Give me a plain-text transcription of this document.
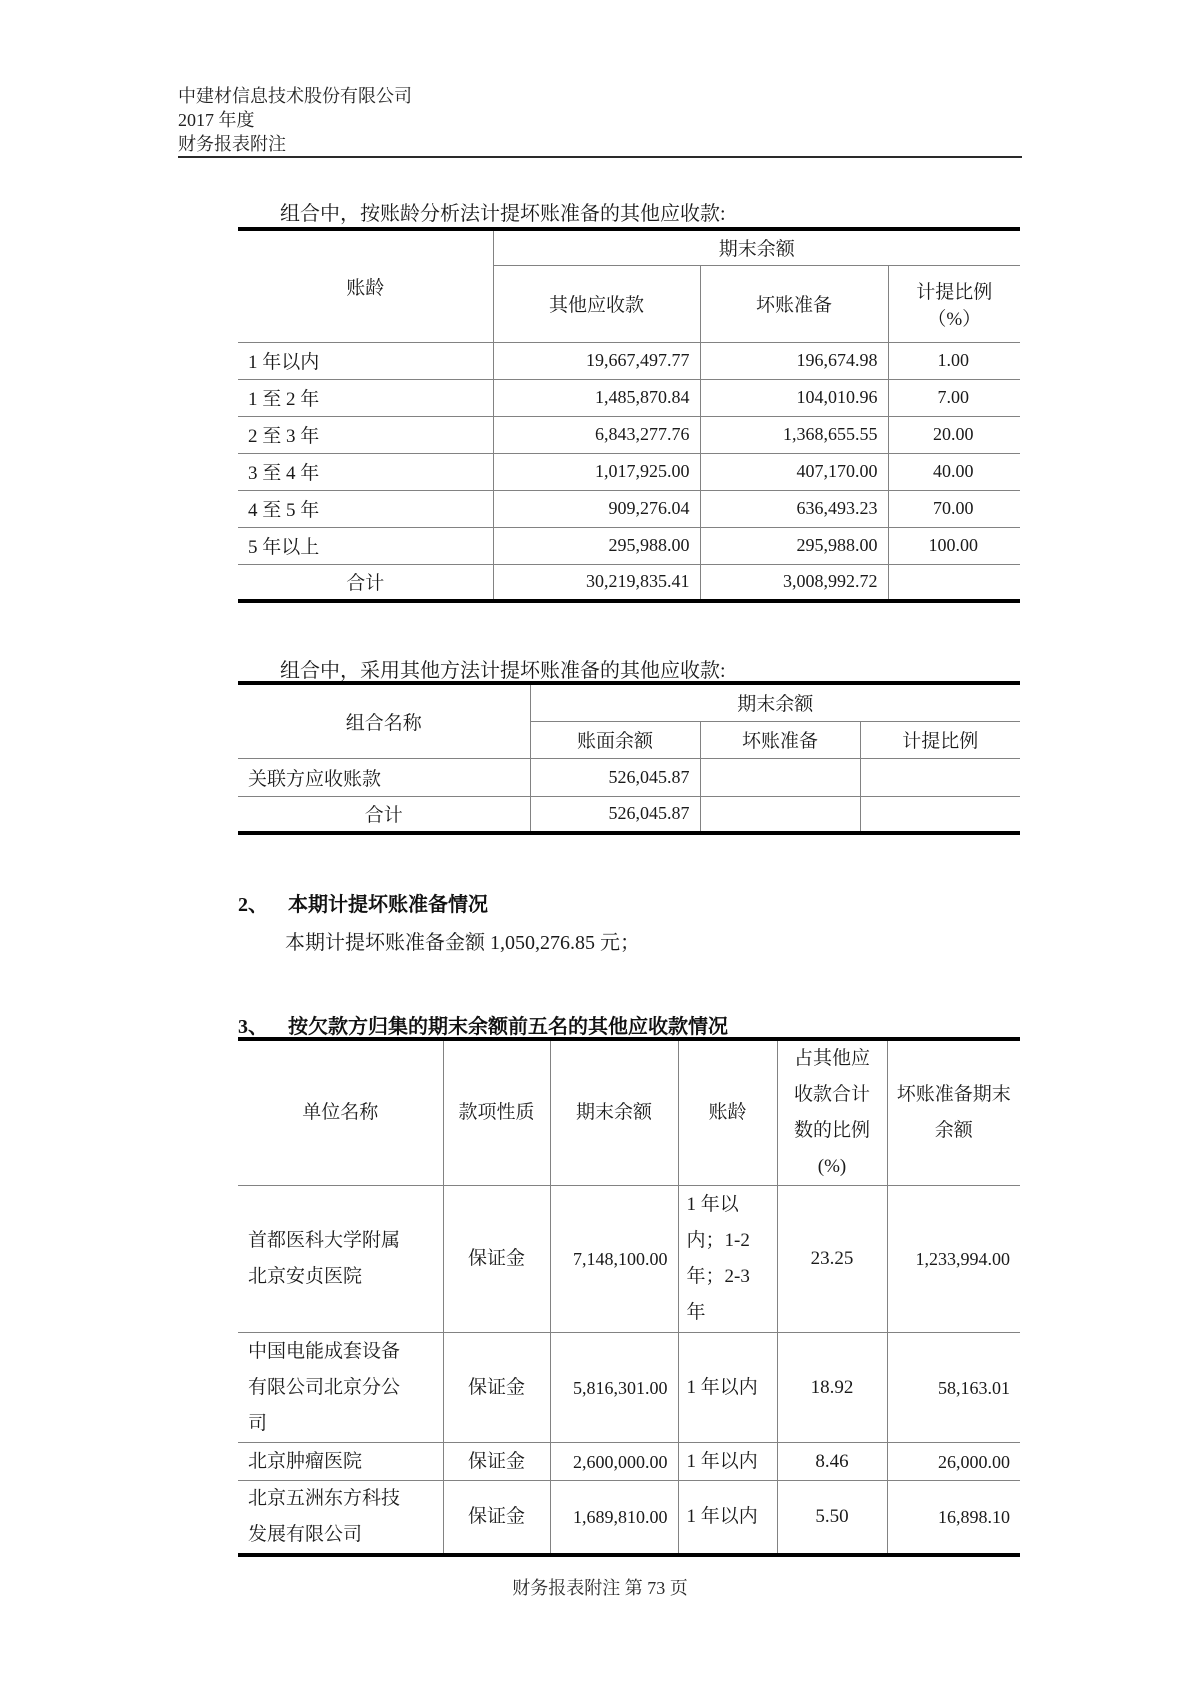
中建材信息技术股份有限公司
2017 年度
财务报表附注
组合中，按账龄分析法计提坏账准备的其他应收款:
账龄	期末余额		
	其他应收款	坏账准备	计提比例
（%）

1 年以内	19,667,497.77	196,674.98	1.00
1 至 2 年	1,485,870.84	104,010.96	7.00
2 至 3 年	6,843,277.76	1,368,655.55	20.00
3 至 4 年	1,017,925.00	407,170.00	40.00
4 至 5 年	909,276.04	636,493.23	70.00
5 年以上	295,988.00	295,988.00	100.00
合计	30,219,835.41	3,008,992.72	
组合中，采用其他方法计提坏账准备的其他应收款:
组合名称	期末余额		
	账面余额	坏账准备	计提比例
关联方应收账款	526,045.87		
合计	526,045.87		
2、 本期计提坏账准备情况
本期计提坏账准备金额 1,050,276.85 元；
3、 按欠款方归集的期末余额前五名的其他应收款情况
单位名称	款项性质	期末余额	账龄	占其他应收款合计数的比例(%)	坏账准备期末余额
首都医科大学附属北京安贞医院	保证金	7,148,100.00	1 年以内；1-2 年；2-3 年	23.25	1,233,994.00
中国电能成套设备有限公司北京分公司	保证金	5,816,301.00	1 年以内	18.92	58,163.01
北京肿瘤医院	保证金	2,600,000.00	1 年以内	8.46	26,000.00
北京五洲东方科技发展有限公司	保证金	1,689,810.00	1 年以内	5.50	16,898.10
财务报表附注 第 73 页
